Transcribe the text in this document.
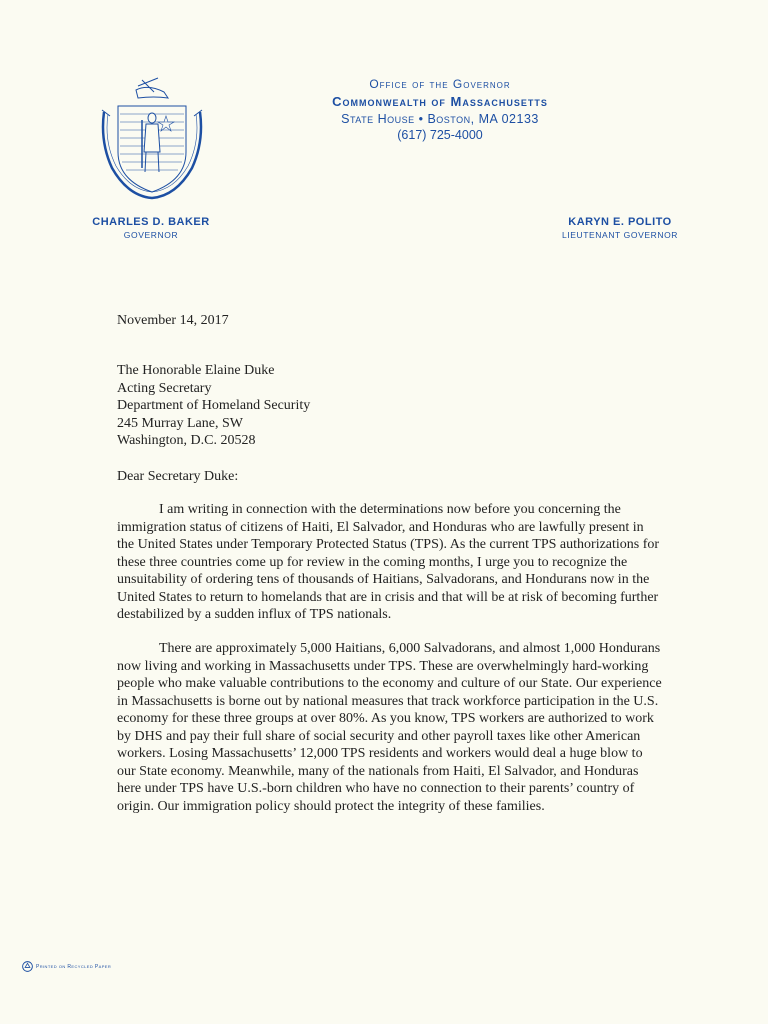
Office of the Governor
Commonwealth of Massachusetts
State House • Boston, MA 02133
(617) 725-4000
CHARLES D. BAKER
GOVERNOR
KARYN E. POLITO
LIEUTENANT GOVERNOR
November 14, 2017
The Honorable Elaine Duke
Acting Secretary
Department of Homeland Security
245 Murray Lane, SW
Washington, D.C. 20528
Dear Secretary Duke:
I am writing in connection with the determinations now before you concerning the immigration status of citizens of Haiti, El Salvador, and Honduras who are lawfully present in the United States under Temporary Protected Status (TPS). As the current TPS authorizations for these three countries come up for review in the coming months, I urge you to recognize the unsuitability of ordering tens of thousands of Haitians, Salvadorans, and Hondurans now in the United States to return to homelands that are in crisis and that will be at risk of becoming further destabilized by a sudden influx of TPS nationals.
There are approximately 5,000 Haitians, 6,000 Salvadorans, and almost 1,000 Hondurans now living and working in Massachusetts under TPS. These are overwhelmingly hard-working people who make valuable contributions to the economy and culture of our State. Our experience in Massachusetts is borne out by national measures that track workforce participation in the U.S. economy for these three groups at over 80%. As you know, TPS workers are authorized to work by DHS and pay their full share of social security and other payroll taxes like other American workers. Losing Massachusetts’ 12,000 TPS residents and workers would deal a huge blow to our State economy. Meanwhile, many of the nationals from Haiti, El Salvador, and Honduras here under TPS have U.S.-born children who have no connection to their parents’ country of origin. Our immigration policy should protect the integrity of these families.
Printed on Recycled Paper
